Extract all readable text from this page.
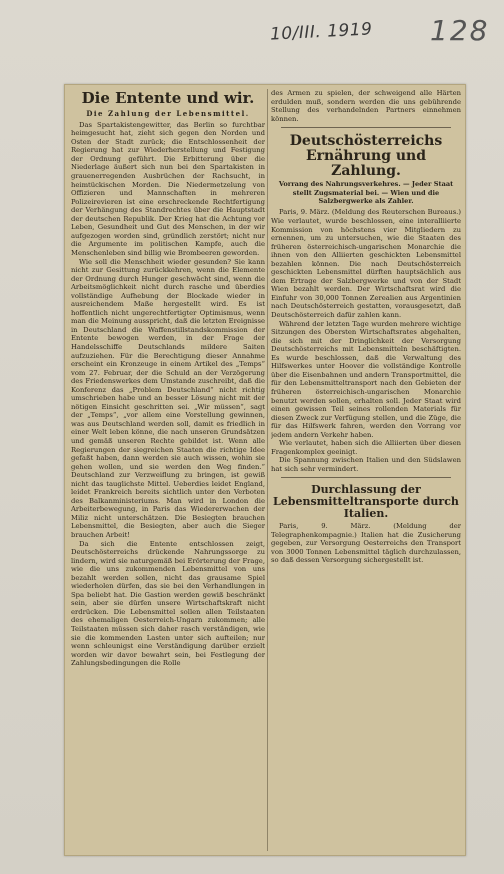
10/III. 1919 128
Die Entente und wir.
Die Zahlung der Lebensmittel.

Das Spartakistengewitter, das Berlin so furchtbar heimgesucht hat, zieht sich gegen den Norden und Osten der Stadt zurück; die Entschlossenheit der Regierung hat zur Wiederherstellung und Festigung der Ordnung geführt. Die Erbitterung über die Niederlage äußert sich nun bei den Spartakisten in grauenerregenden Ausbrüchen der Rachsucht, in heimtückischen Morden. Die Niedermetzelung von Offizieren und Mannschaften in mehreren Polizeirevieren ist eine erschreckende Rechtfertigung der Verhängung des Standrechtes über die Hauptstadt der deutschen Republik. Der Krieg hat die Achtung vor Leben, Gesundheit und Gut des Menschen, in der wir aufgezogen worden sind, gründlich zerstört; nicht nur die Argumente im politischen Kampfe, auch die Menschenleben sind billig wie Brombeeren geworden.

Wie soll die Menschheit wieder gesunden? Sie kann nicht zur Gesittung zurückkehren, wenn die Elemente der Ordnung durch Hunger geschwächt sind, wenn die Arbeitsmöglichkeit nicht durch rasche und überdies vollständige Aufhebung der Blockade wieder in ausreichendem Maße hergestellt wird. Es ist hoffentlich nicht ungerechtfertigter Optimismus, wenn man die Meinung ausspricht, daß die letzten Ereignisse in Deutschland die Waffenstillstandskommission der Entente bewogen werden, in der Frage der Handelsschiffe Deutschlands mildere Saiten aufzuziehen. Für die Berechtigung dieser Annahme erscheint ein Kronzeuge in einem Artikel des „Temps“ vom 27. Februar, der die Schuld an der Verzögerung des Friedenswerkes dem Umstande zuschreibt, daß die Konferenz das „Problem Deutschland“ nicht richtig umschrieben habe und an besser Lösung nicht mit der nötigen Einsicht geschritten sei. „Wir müssen“, sagt der „Temps“, „vor allem eine Vorstellung gewinnen, was aus Deutschland werden soll, damit es friedlich in einer Welt leben könne, die nach unseren Grundsätzen und gemäß unseren Rechte gebildet ist. Wenn alle Regierungen der siegreichen Staaten die richtige Idee gefaßt haben, dann werden sie auch wissen, wohin sie gehen wollen, und sie werden den Weg finden.“ Deutschland zur Verzweiflung zu bringen, ist gewiß nicht das tauglichste Mittel. Ueberdies leidet England, leidet Frankreich bereits sichtlich unter den Verboten des Balkanministeriums. Man wird in London die Arbeiterbewegung, in Paris das Wiedererwachen der Miliz nicht unterschätzen. Die Besiegten brauchen Lebensmittel, die Besiegten, aber auch die Sieger brauchen Arbeit!

Da sich die Entente entschlossen zeigt, Deutschösterreichs drückende Nahrungssorge zu lindern, wird sie naturgemäß bei Erörterung der Frage, wie die uns zukommenden Lebensmittel von uns bezahlt werden sollen, nicht das grausame Spiel wiederholen dürfen, das sie bei den Verhandlungen in Spa beliebt hat. Die Gastion werden gewiß beschränkt sein, aber sie dürfen unsere Wirtschaftskraft nicht erdrücken. Die Lebensmittel sollen allen Teilstaaten des ehemaligen Oesterreich-Ungarn zukommen; alle Teilstaaten müssen sich daher rasch verständigen, wie sie die kommenden Lasten unter sich aufteilen; nur wenn schleunigst eine Verständigung darüber erzielt worden wir davor bewahrt sein, bei Festlegung der Zahlungsbedingungen die Rolle

des Armen zu spielen, der schweigend alle Härten erdulden muß, sondern werden die uns gebührende Stellung des verhandelnden Partners einnehmen können.

Deutschösterreichs Ernährung und Zahlung.
Vorrang des Nahrungsverkehres. — Jeder Staat stellt Zugsmaterial bei. — Wien und die Salzbergwerke als Zahler.

Paris, 9. März. (Meldung des Reuterschen Bureaus.) Wie verlautet, wurde beschlossen, eine interalliierte Kommission von höchstens vier Mitgliedern zu ernennen, um zu untersuchen, wie die Staaten des früheren österreichisch-ungarischen Monarchie die ihnen von den Alliierten geschickten Lebensmittel bezahlen können. Die nach Deutschösterreich geschickten Lebensmittel dürften hauptsächlich aus dem Ertrage der Salzbergwerke und von der Stadt Wien bezahlt werden. Der Wirtschaftsrat wird die Einfuhr von 30,000 Tonnen Zerealien aus Argentinien nach Deutschösterreich gestatten, vorausgesetzt, daß Deutschösterreich dafür zahlen kann.

Während der letzten Tage wurden mehrere wichtige Sitzungen des Obersten Wirtschaftsrates abgehalten, die sich mit der Dringlichkeit der Versorgung Deutschösterreichs mit Lebensmitteln beschäftigten. Es wurde beschlossen, daß die Verwaltung des Hilfswerkes unter Hoover die vollständige Kontrolle über die Eisenbahnen und andern Transportmittel, die für den Lebensmitteltransport nach den Gebieten der früheren österreichisch-ungarischen Monarchie benutzt werden sollen, erhalten soll. Jeder Staat wird einen gewissen Teil seines rollenden Materials für diesen Zweck zur Verfügung stellen, und die Züge, die für das Hilfswerk fahren, werden den Vorrang vor jedem andern Verkehr haben.

Wie verlautet, haben sich die Alliierten über diesen Fragenkomplex geeinigt.

Die Spannung zwischen Italien und den Südslawen hat sich sehr vermindert.

Durchlassung der Lebensmitteltransporte durch Italien.

Paris, 9. März. (Meldung der Telegraphenkompagnie.) Italien hat die Zusicherung gegeben, zur Versorgung Oesterreichs den Transport von 3000 Tonnen Lebensmittel täglich durchzulassen, so daß dessen Versorgung sichergestellt ist.
